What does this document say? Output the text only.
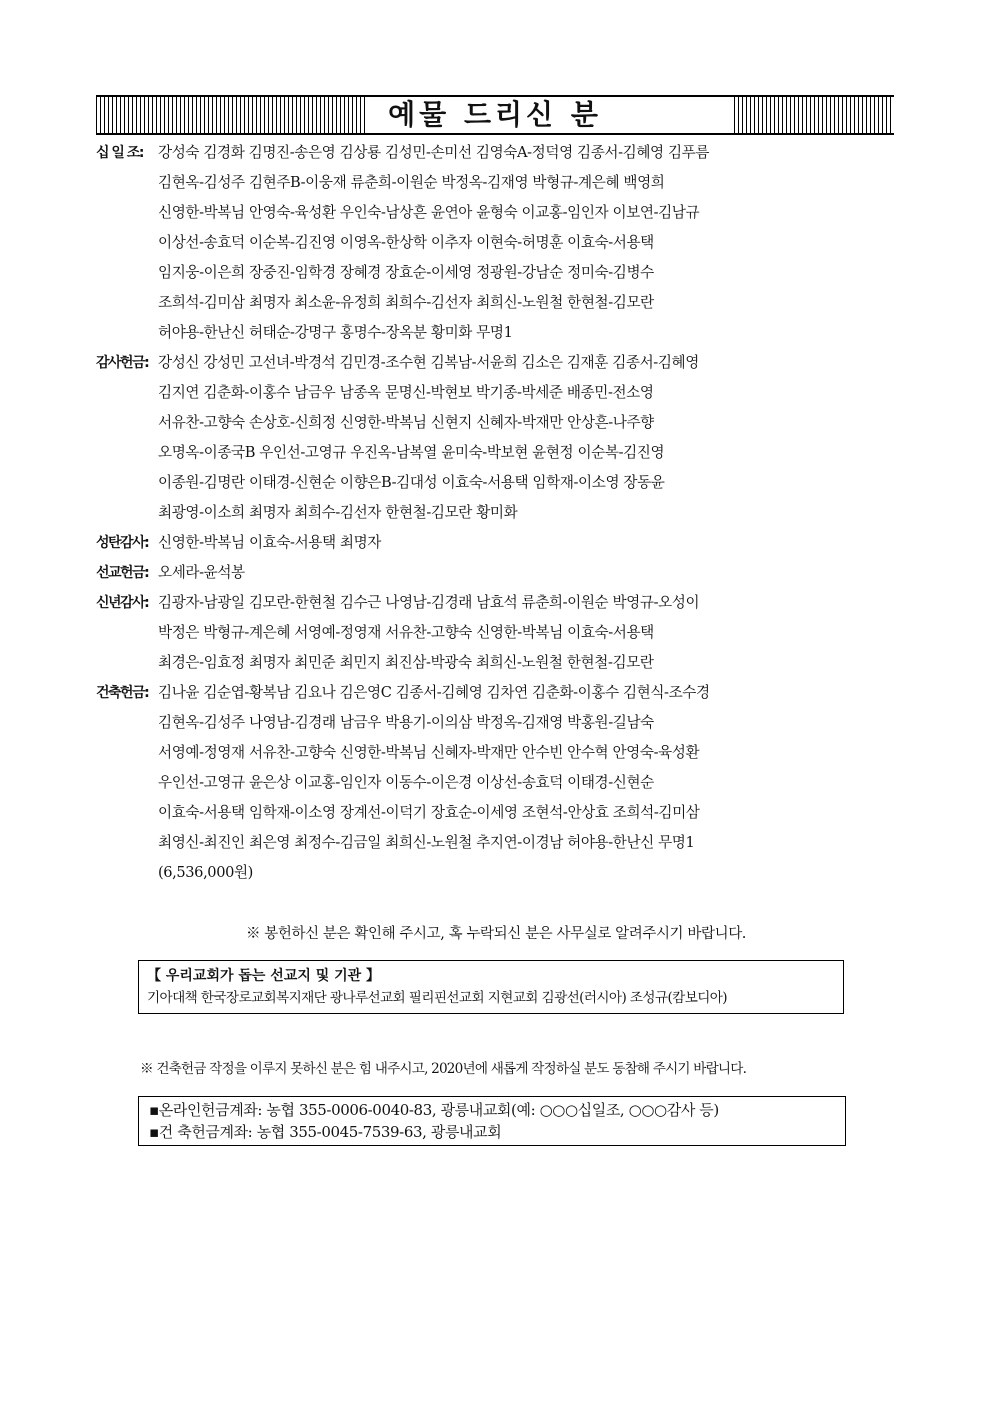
예물 드리신 분
십 일 조:	강성숙 김경화 김명진-송은영 김상룡 김성민-손미선 김영숙A-정덕영 김종서-김혜영 김푸름
김현옥-김성주 김현주B-이웅재 류춘희-이원순 박정옥-김재영 박형규-계은혜 백영희
신영한-박복님 안영숙-육성환 우인숙-남상흔 윤연아 윤형숙 이교홍-임인자 이보연-김남규
이상선-송효덕 이순복-김진영 이영옥-한상학 이추자 이현숙-허명훈 이효숙-서용택
임지웅-이은희 장중진-임학경 장혜경 장효순-이세영 정광원-강남순 정미숙-김병수
조희석-김미삼 최명자 최소윤-유정희 최희수-김선자 최희신-노원철 한현철-김모란
허야용-한난신 허태순-강명구 홍명수-장옥분 황미화 무명1
감사헌금: 강성신 강성민 고선녀-박경석 김민경-조수현 김복남-서윤희 김소은 김재훈 김종서-김혜영
김지연 김춘화-이홍수 남금우 남종옥 문명신-박현보 박기종-박세준 배종민-전소영
서유찬-고향숙 손상호-신희정 신영한-박복님 신현지 신혜자-박재만 안상흔-나주향
오명옥-이종국B 우인선-고영규 우진옥-남복열 윤미숙-박보현 윤현정 이순복-김진영
이종원-김명란 이태경-신현순 이향은B-김대성 이효숙-서용택 임학재-이소영 장동윤
최광영-이소희 최명자 최희수-김선자 한현철-김모란 황미화
성탄감사: 신영한-박복님 이효숙-서용택 최명자
선교헌금: 오세라-윤석봉
신년감사: 김광자-남광일 김모란-한현철 김수근 나영남-김경래 남효석 류춘희-이원순 박영규-오성이
박정은 박형규-계은혜 서영예-정영재 서유찬-고향숙 신영한-박복님 이효숙-서용택
최경은-임효정 최명자 최민준 최민지 최진삼-박광숙 최희신-노원철 한현철-김모란
건축헌금: 김나윤 김순엽-황복남 김요나 김은영C 김종서-김혜영 김차연 김춘화-이홍수 김현식-조수경
김현옥-김성주 나영남-김경래 남금우 박용기-이의삼 박정옥-김재영 박홍원-길남숙
서영예-정영재 서유찬-고향숙 신영한-박복님 신혜자-박재만 안수빈 안수혁 안영숙-육성환
우인선-고영규 윤은상 이교홍-임인자 이동수-이은경 이상선-송효덕 이태경-신현순
이효숙-서용택 임학재-이소영 장계선-이덕기 장효순-이세영 조현석-안상효 조희석-김미삼
최영신-최진인 최은영 최정수-김금일 최희신-노원철 추지연-이경남 허야용-한난신 무명1
(6,536,000원)
※ 봉헌하신 분은 확인해 주시고, 혹 누락되신 분은 사무실로 알려주시기 바랍니다.
【 우리교회가 돕는 선교지 및 기관 】
기아대책 한국장로교회복지재단 광나루선교회 필리핀선교회 지현교회 김광선(러시아) 조성규(캄보디아)
※ 건축헌금 작정을 이루지 못하신 분은 힘 내주시고, 2020년에 새롭게 작정하실 분도 동참해 주시기 바랍니다.
▪온라인헌금계좌: 농협 355-0006-0040-83, 광릉내교회(예: ○○○십일조, ○○○감사 등)
▪건 축헌금계좌: 농협 355-0045-7539-63, 광릉내교회
